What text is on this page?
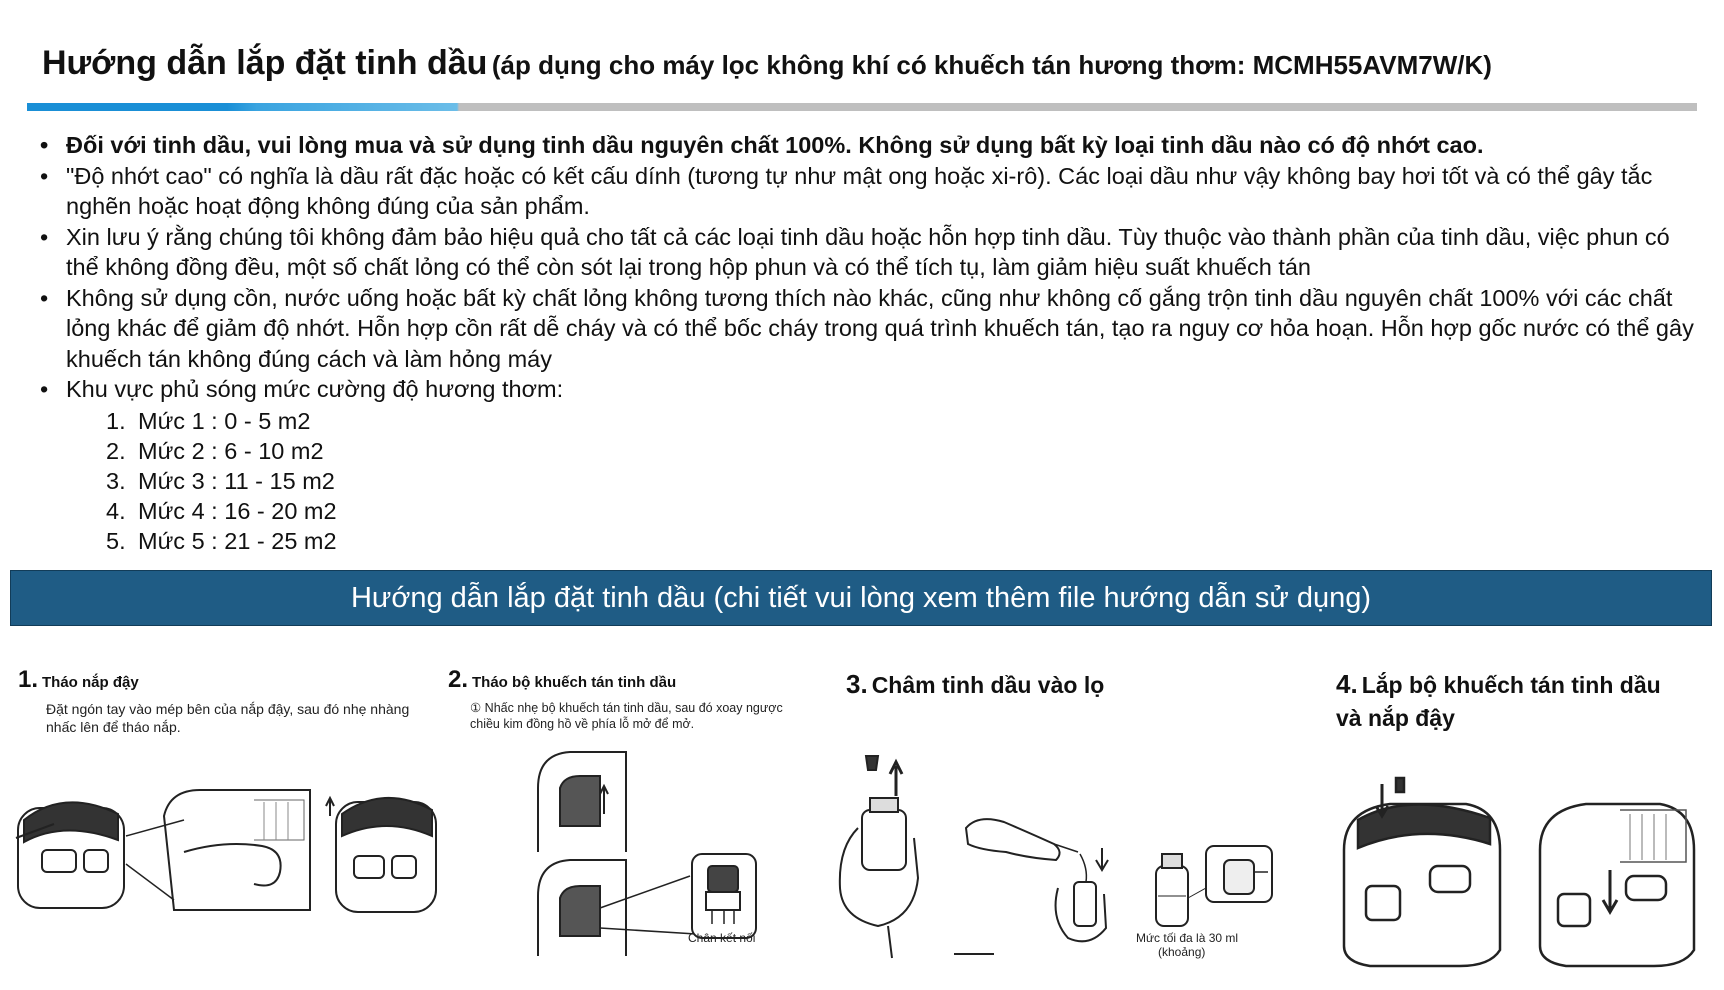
Hướng dẫn lắp đặt tinh dầu (áp dụng cho máy lọc không khí có khuếch tán hương thơm: MCMH55AVM7W/K)
• Đối với tinh dầu, vui lòng mua và sử dụng tinh dầu nguyên chất 100%. Không sử dụng bất kỳ loại tinh dầu nào có độ nhớt cao.
• "Độ nhớt cao" có nghĩa là dầu rất đặc hoặc có kết cấu dính (tương tự như mật ong hoặc xi-rô). Các loại dầu như vậy không bay hơi tốt và có thể gây tắc nghẽn hoặc hoạt động không đúng của sản phẩm.
• Xin lưu ý rằng chúng tôi không đảm bảo hiệu quả cho tất cả các loại tinh dầu hoặc hỗn hợp tinh dầu. Tùy thuộc vào thành phần của tinh dầu, việc phun có thể không đồng đều, một số chất lỏng có thể còn sót lại trong hộp phun và có thể tích tụ, làm giảm hiệu suất khuếch tán
• Không sử dụng cồn, nước uống hoặc bất kỳ chất lỏng không tương thích nào khác, cũng như không cố gắng trộn tinh dầu nguyên chất 100% với các chất lỏng khác để giảm độ nhớt. Hỗn hợp cồn rất dễ cháy và có thể bốc cháy trong quá trình khuếch tán, tạo ra nguy cơ hỏa hoạn. Hỗn hợp gốc nước có thể gây khuếch tán không đúng cách và làm hỏng máy
• Khu vực phủ sóng mức cường độ hương thơm:
1. Mức 1 : 0 - 5 m2
2. Mức 2 : 6 - 10 m2
3. Mức 3 : 11 - 15 m2
4. Mức 4 : 16 - 20 m2
5. Mức 5 : 21 - 25 m2
Hướng dẫn lắp đặt tinh dầu (chi tiết vui lòng xem thêm file hướng dẫn sử dụng)
1. Tháo nắp đậy
Đặt ngón tay vào mép bên của nắp đậy, sau đó nhẹ nhàng nhấc lên để tháo nắp.
2. Tháo bộ khuếch tán tinh dầu
① Nhấc nhẹ bộ khuếch tán tinh dầu, sau đó xoay ngược chiều kim đồng hồ về phía lỗ mở để mở.
Chân kết nối
3. Châm tinh dầu vào lọ
Mức tối đa là 30 ml
(khoảng)
4. Lắp bộ khuếch tán tinh dầu
và nắp đậy
